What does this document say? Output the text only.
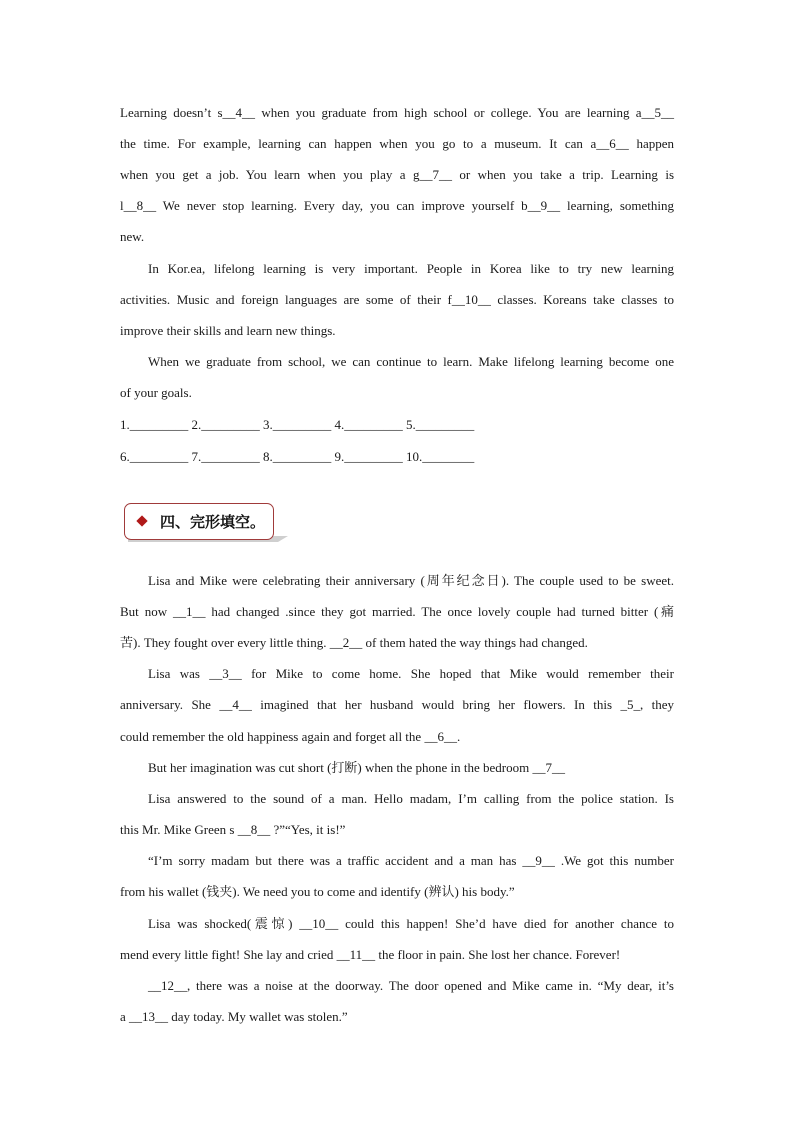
Learning doesn’t s__4__ when you graduate from high school or college. You are learning a__5__
the time. For example, learning can happen when you go to a museum. It can a__6__ happen
when you get a job. You learn when you play a g__7__ or when you take a trip. Learning is
l__8__ We never stop learning. Every day, you can improve yourself b__9__ learning, something
new.
In Kor.ea, lifelong learning is very important. People in Korea like to try new learning
activities. Music and foreign languages are some of their f__10__ classes. Koreans take classes to
improve their skills and learn new things.
When we graduate from school, we can continue to learn. Make lifelong learning become one
of your goals.
1._________ 2._________ 3._________ 4._________ 5._________
6._________ 7._________ 8._________ 9._________ 10.________
四、完形填空。
Lisa and Mike were celebrating their anniversary (周年纪念日). The couple used to be sweet.
But now __1__ had changed .since they got married. The once lovely couple had turned bitter (痛
苦). They fought over every little thing. __2__ of them hated the way things had changed.
Lisa was __3__ for Mike to come home. She hoped that Mike would remember their
anniversary. She __4__ imagined that her husband would bring her flowers. In this _5_, they
could remember the old happiness again and forget all the __6__.
But her imagination was cut short (打断) when the phone in the bedroom __7__
Lisa answered to the sound of a man. Hello madam, I’m calling from the police station. Is
this Mr. Mike Green s __8__ ?”“Yes, it is!”
“I’m sorry madam but there was a traffic accident and a man has __9__ .We got this number
from his wallet (钱夹). We need you to come and identify (辨认) his body.”
Lisa was shocked(震惊) __10__ could this happen! She’d have died for another chance to
mend every little fight! She lay and cried __11__ the floor in pain. She lost her chance. Forever!
__12__, there was a noise at the doorway. The door opened and Mike came in. “My dear, it’s
a __13__ day today. My wallet was stolen.”
